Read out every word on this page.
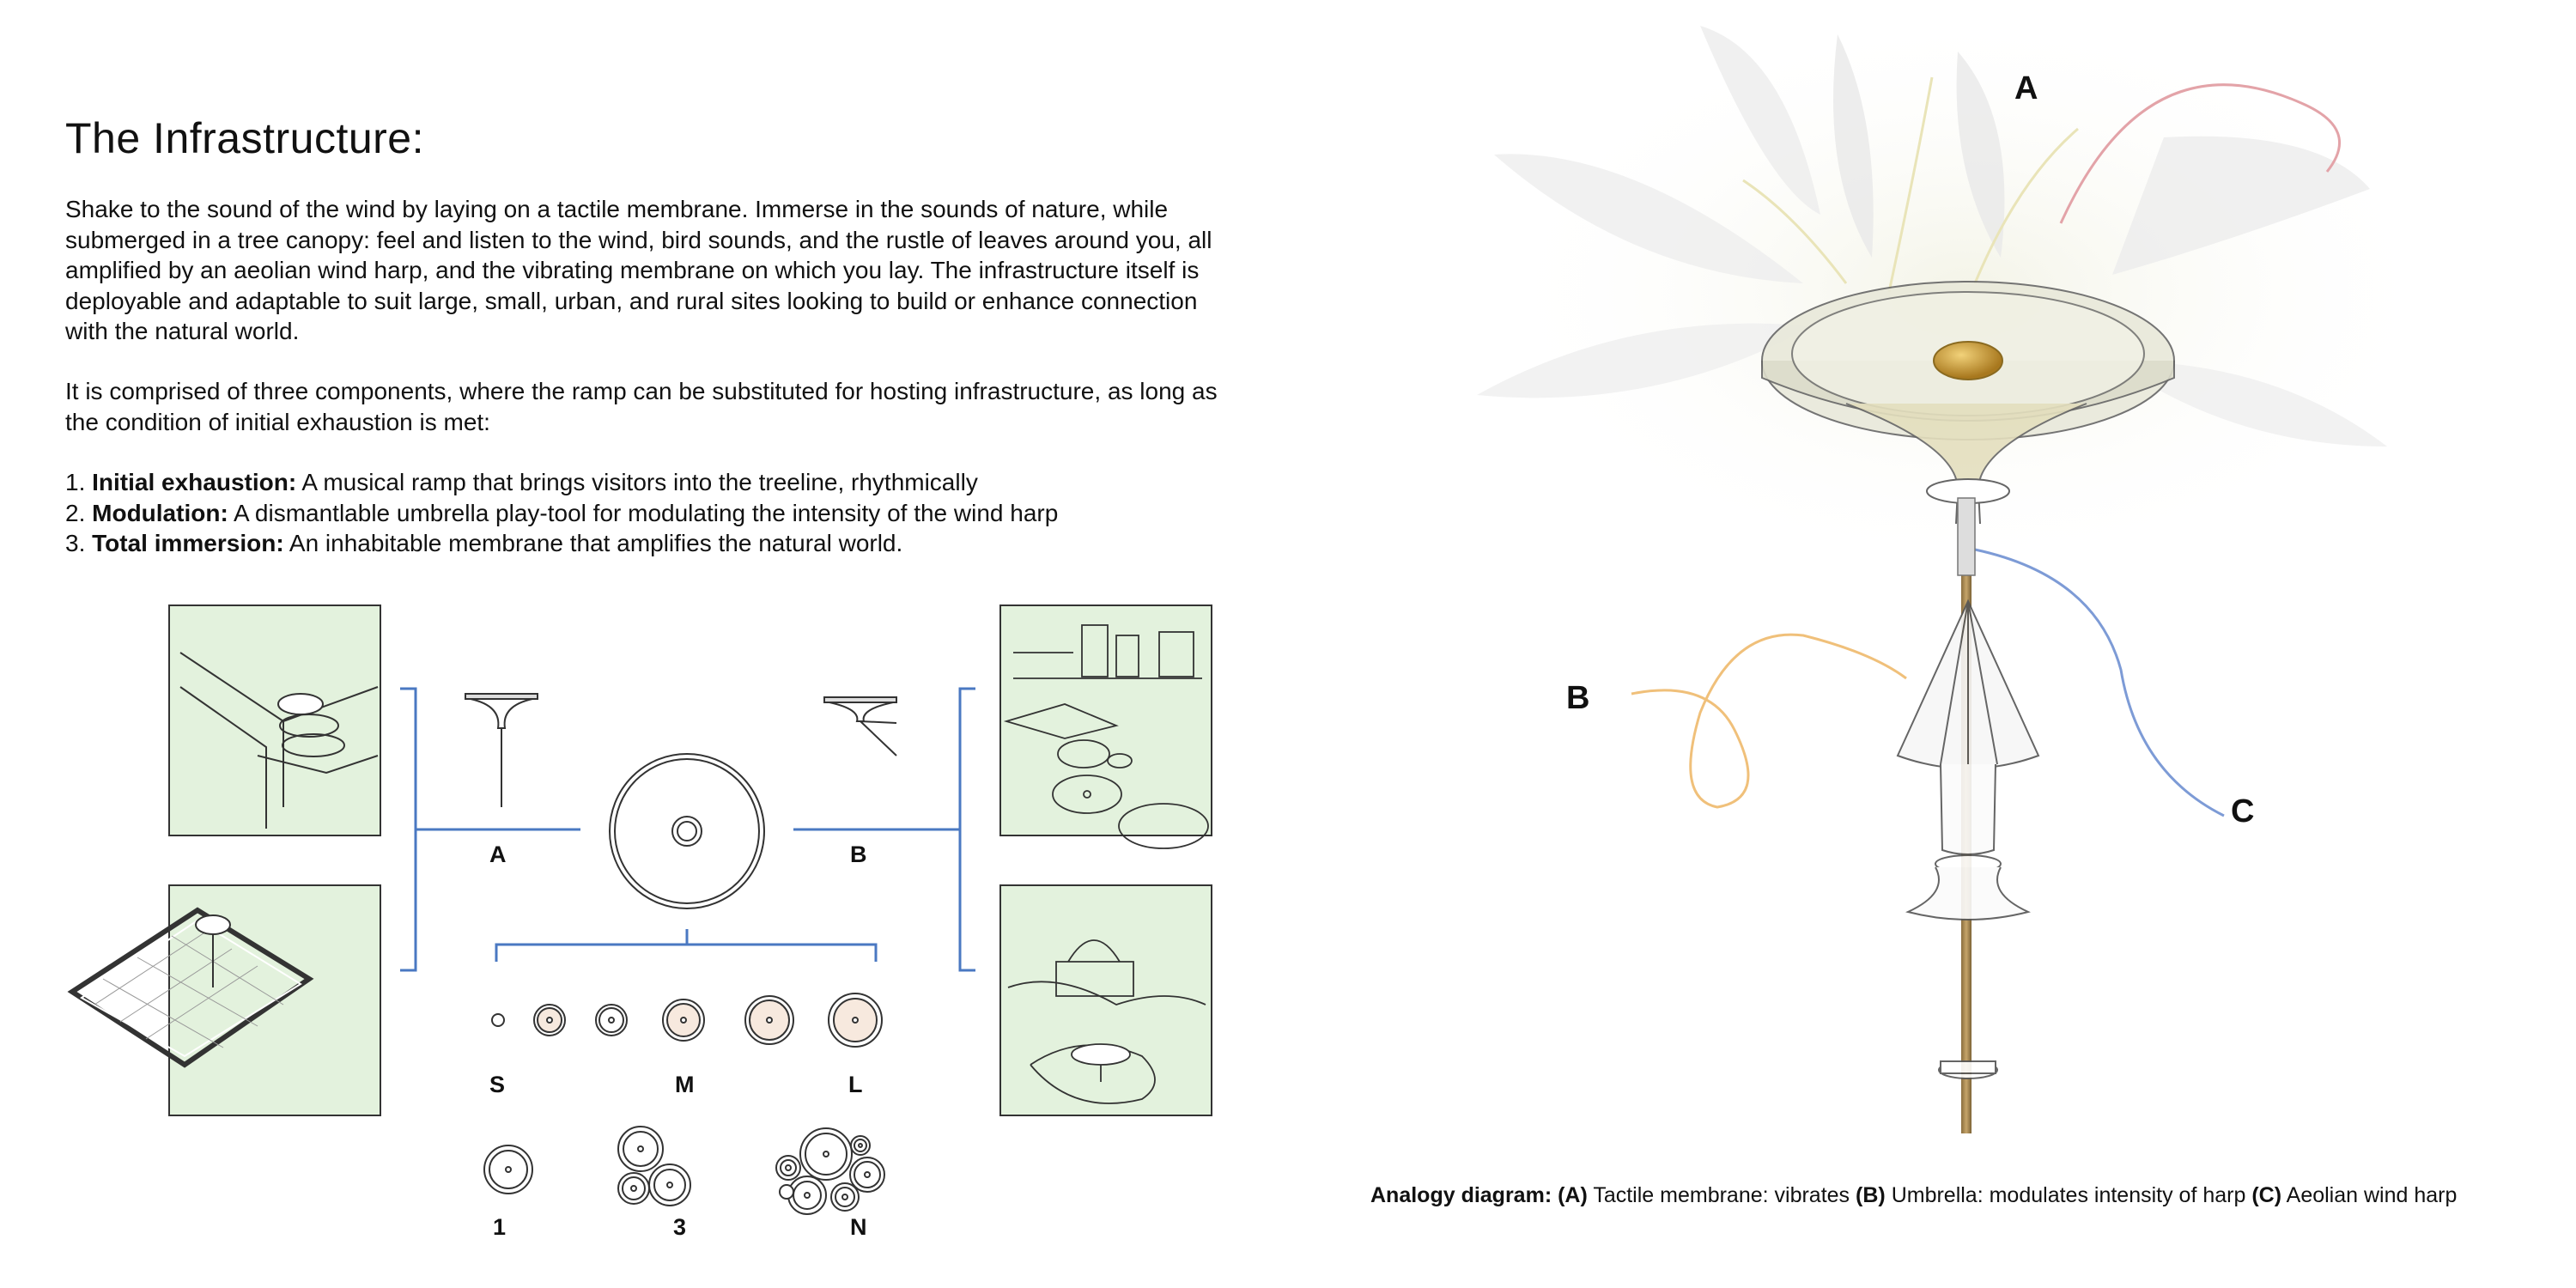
The Infrastructure:
Shake to the sound of the wind by laying on a tactile membrane. Immerse in the sounds of nature, while submerged in a tree canopy: feel and listen to the wind, bird sounds, and the rustle of leaves around you, all amplified by an aeolian wind harp, and the vibrating membrane on which you lay. The infrastructure itself is deployable and adaptable to suit large, small, urban, and rural sites looking to build or enhance connection with the natural world.
It is comprised of three components, where the ramp can be substituted for hosting infrastructure, as long as the condition of initial exhaustion is met:
1. Initial exhaustion: A musical ramp that brings visitors into the treeline, rhythmically
2. Modulation: A dismantlable umbrella play-tool for modulating the intensity of the wind harp
3. Total immersion: An inhabitable membrane that amplifies the natural world.
A	B
S	M	L
1	3	N
A
B
C
Analogy diagram: (A) Tactile membrane: vibrates (B) Umbrella: modulates intensity of harp (C) Aeolian wind harp
